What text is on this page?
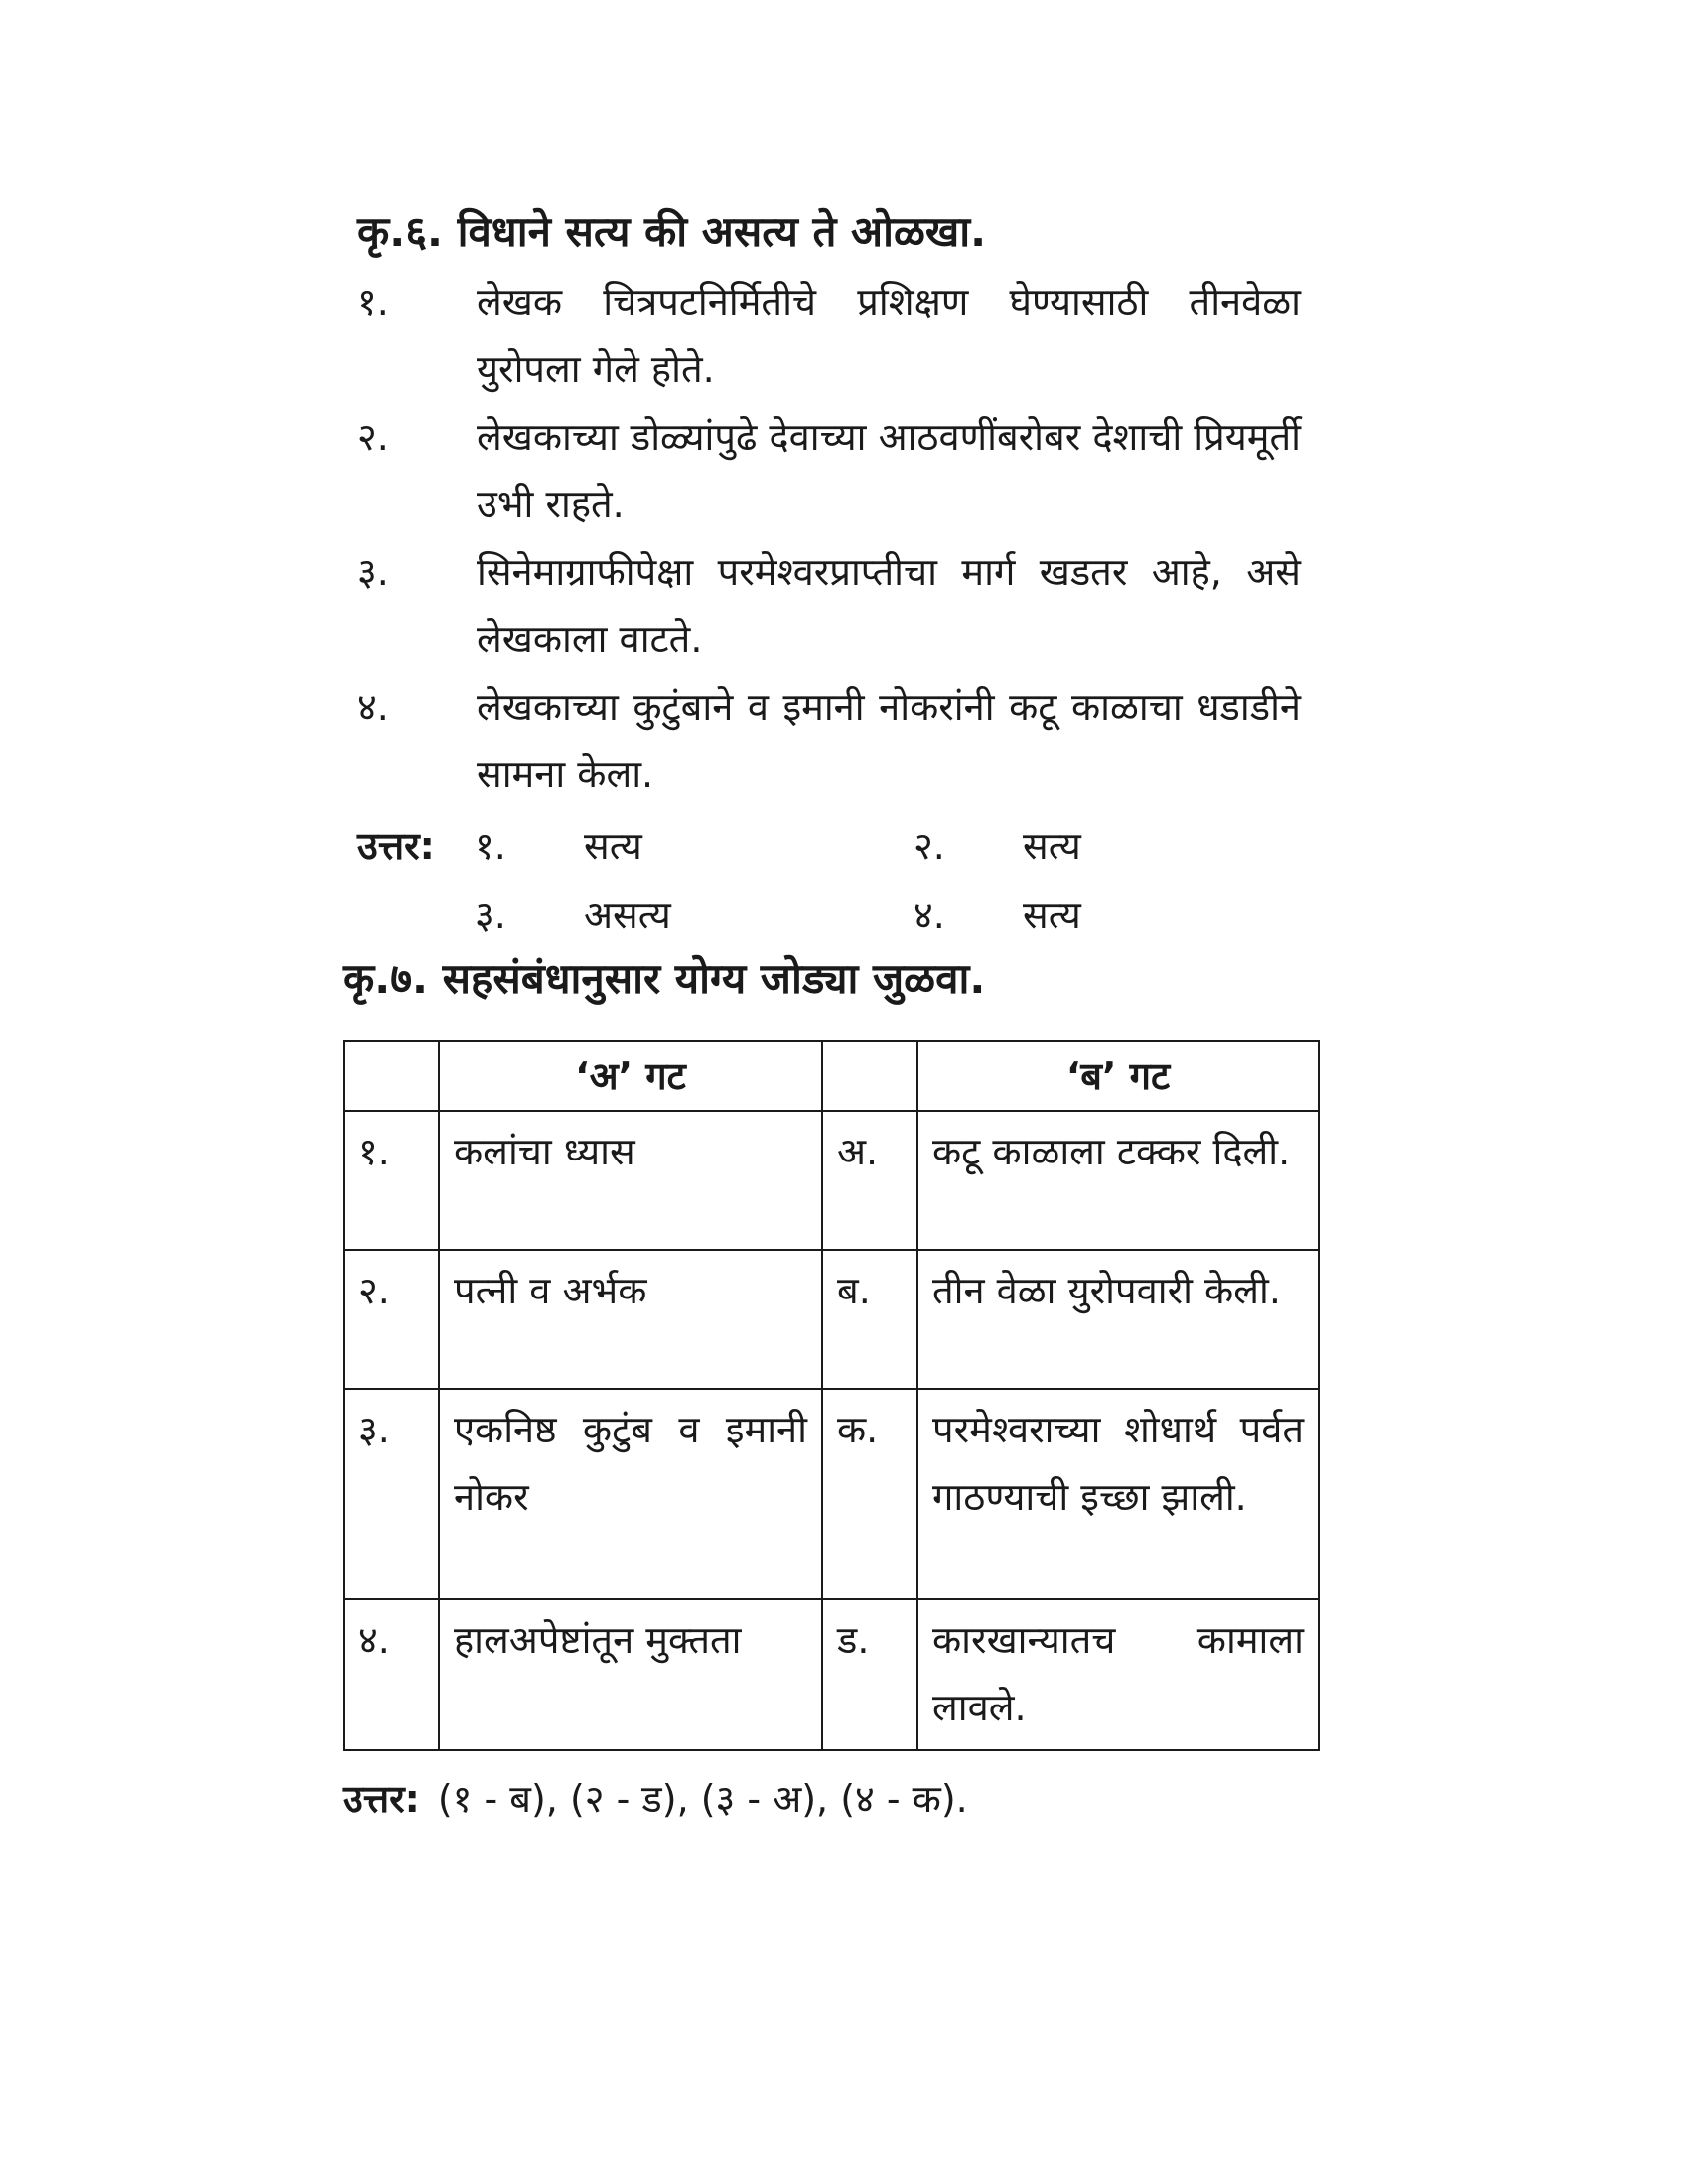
कृ.६. विधाने सत्य की असत्य ते ओळखा.
१.	लेखक चित्रपटनिर्मितीचे प्रशिक्षण घेण्यासाठी तीनवेळा युरोपला गेले होते.
२.	लेखकाच्या डोळ्यांपुढे देवाच्या आठवणींबरोबर देशाची प्रियमूर्ती उभी राहते.
३.	सिनेमाग्राफीपेक्षा परमेश्वरप्राप्तीचा मार्ग खडतर आहे, असे लेखकाला वाटते.
४.	लेखकाच्या कुटुंबाने व इमानी नोकरांनी कटू काळाचा धडाडीने सामना केला.
उत्तर: १. सत्य	२. सत्य
३. असत्य	४. सत्य
कृ.७. सहसंबंधानुसार योग्य जोड्या जुळवा.
	‘अ’ गट		‘ब’ गट
१.	कलांचा ध्यास	अ.	कटू काळाला टक्कर दिली.
२.	पत्नी व अर्भक	ब.	तीन वेळा युरोपवारी केली.
३.	एकनिष्ठ कुटुंब व इमानी नोकर	क.	परमेश्वराच्या शोधार्थ पर्वत गाठण्याची इच्छा झाली.
४.	हालअपेष्टांतून मुक्तता	ड.	कारखान्यातच कामाला लावले.
उत्तर: (१ - ब), (२ - ड), (३ - अ), (४ - क).
